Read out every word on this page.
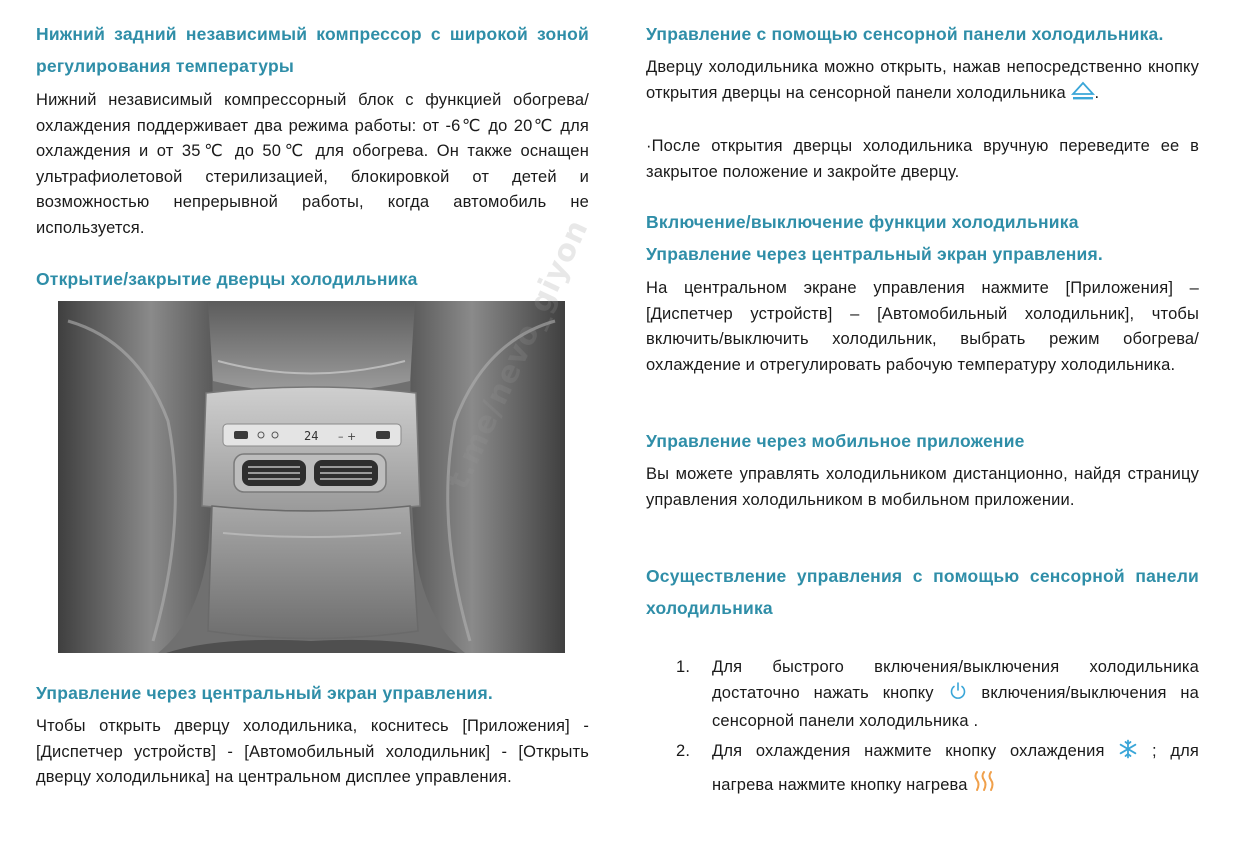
Нижний задний независимый компрессор с широкой зоной регулирования температуры
Нижний независимый компрессорный блок с функцией обогрева/охлаждения поддерживает два режима работы: от -6℃ до 20℃ для охлаждения и от 35℃ до 50℃ для обогрева. Он также оснащен ультрафиолетовой стерилизацией, блокировкой от детей и возможностью непрерывной работы, когда автомобиль не используется.
Открытие/закрытие дверцы холодильника
Управление через центральный экран управления.
Чтобы открыть дверцу холодильника, коснитесь [Приложения] - [Диспетчер устройств] - [Автомобильный холодильник] - [Открыть дверцу холодильника] на центральном дисплее управления.
24 – +
Управление с помощью сенсорной панели холодильника.
Дверцу холодильника можно открыть, нажав непосредственно кнопку открытия дверцы на сенсорной панели холодильника .
·После открытия дверцы холодильника вручную переведите ее в закрытое положение и закройте дверцу.
Включение/выключение функции холодильника
Управление через центральный экран управления.
На центральном экране управления нажмите [Приложения] – [Диспетчер устройств] – [Автомобильный холодильник], чтобы включить/выключить холодильник, выбрать режим обогрева/охлаждение и отрегулировать рабочую температуру холодильника.
Управление через мобильное приложение
Вы можете управлять холодильником дистанционно, найдя страницу управления холодильником в мобильном приложении.
Осуществление управления с помощью сенсорной панели холодильника
1. Для быстрого включения/выключения холодильника достаточно нажать кнопку	включения/выключения на сенсорной панели холодильника .
2. Для охлаждения нажмите кнопку охлаждения	; для нагрева нажмите кнопку нагрева
t.me/nevo_giyon
